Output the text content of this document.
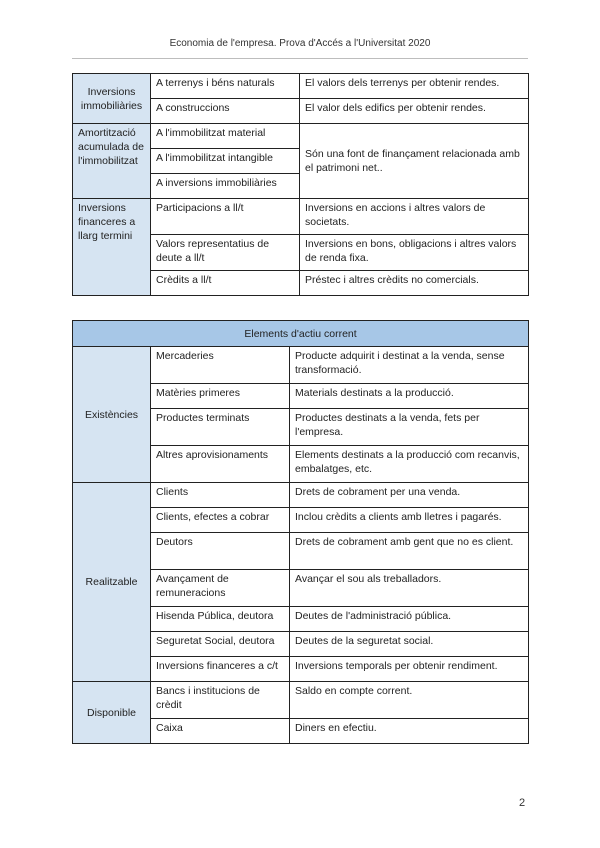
Economia de l'empresa. Prova d'Accés a l'Universitat 2020
Inversions immobiliàries	A terrenys i béns naturals	El valors dels terrenys per obtenir rendes.
	A construccions	El valor dels edifics per obtenir rendes.
Amortització acumulada de l'immobilitzat	A l'immobilitzat material	Són una font de finançament relacionada amb el patrimoni net..
	A l'immobilitzat intangible	
	A inversions immobiliàries	
Inversions financeres a llarg termini	Participacions a ll/t	Inversions en accions i altres valors de societats.
	Valors representatius de deute a ll/t	Inversions en bons, obligacions i altres valors de renda fixa.
	Crèdits a ll/t	Préstec i altres crèdits no comercials.
Elements d'actiu corrent		
Existències	Mercaderies	Producte adquirit i destinat a la venda, sense transformació.
	Matèries primeres	Materials destinats a la producció.
	Productes terminats	Productes destinats a la venda, fets per l'empresa.
	Altres aprovisionaments	Elements destinats a la producció com recanvis, embalatges, etc.
Realitzable	Clients	Drets de cobrament per una venda.
	Clients, efectes a cobrar	Inclou crèdits a clients amb lletres i pagarés.
	Deutors	Drets de cobrament amb gent que no es client.
	Avançament de remuneracions	Avançar el sou als treballadors.
	Hisenda Pública, deutora	Deutes de l'administració pública.
	Seguretat Social, deutora	Deutes de la seguretat social.
	Inversions financeres a c/t	Inversions temporals per obtenir rendiment.
Disponible	Bancs i institucions de crèdit	Saldo en compte corrent.
	Caixa	Diners en efectiu.
2
